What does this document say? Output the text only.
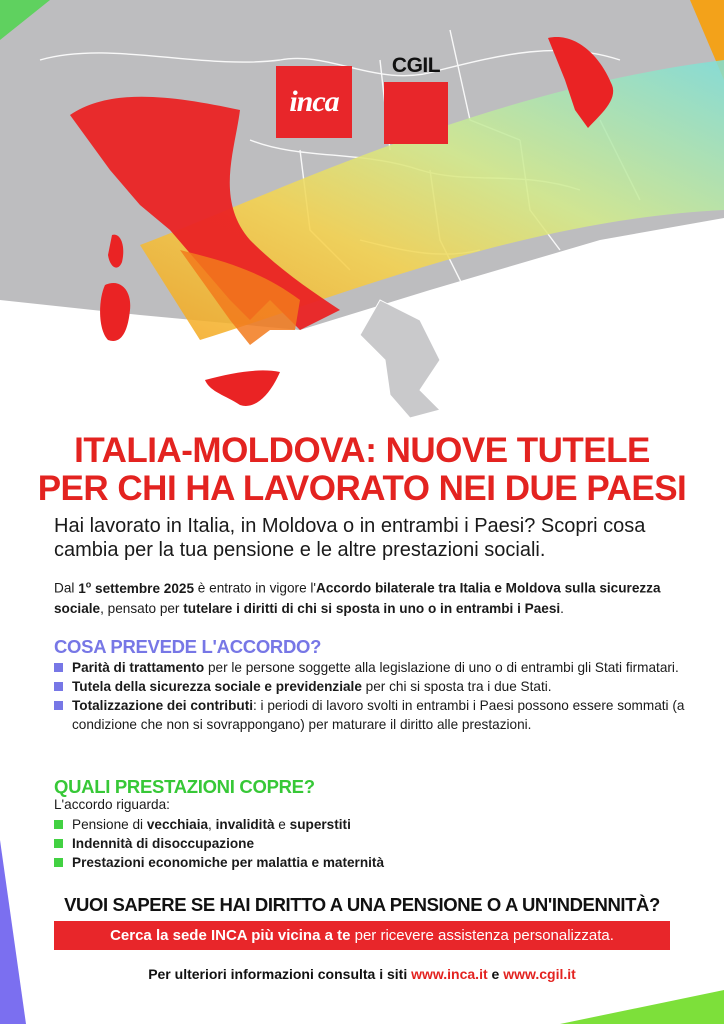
inca
CGIL
ITALIA-MOLDOVA: NUOVE TUTELE
PER CHI HA LAVORATO NEI DUE PAESI
Hai lavorato in Italia, in Moldova o in entrambi i Paesi? Scopri cosa cambia per la tua pensione e le altre prestazioni sociali.
Dal 1$^o$ settembre 2025 è entrato in vigore l'Accordo bilaterale tra Italia e Moldova sulla sicurezza sociale, pensato per tutelare i diritti di chi si sposta in uno o in entrambi i Paesi.
COSA PREVEDE L'ACCORDO?
Parità di trattamento per le persone soggette alla legislazione di uno o di entrambi gli Stati firmatari.
Tutela della sicurezza sociale e previdenziale per chi si sposta tra i due Stati.
Totalizzazione dei contributi: i periodi di lavoro svolti in entrambi i Paesi possono essere sommati (a condizione che non si sovrappongano) per maturare il diritto alle prestazioni.
QUALI PRESTAZIONI COPRE?
L'accordo riguarda:
Pensione di vecchiaia, invalidità e superstiti
Indennità di disoccupazione
Prestazioni economiche per malattia e maternità
VUOI SAPERE SE HAI DIRITTO A UNA PENSIONE O A UN'INDENNITÀ?
Cerca la sede INCA più vicina a te per ricevere assistenza personalizzata.
Per ulteriori informazioni consulta i siti www.inca.it e www.cgil.it
